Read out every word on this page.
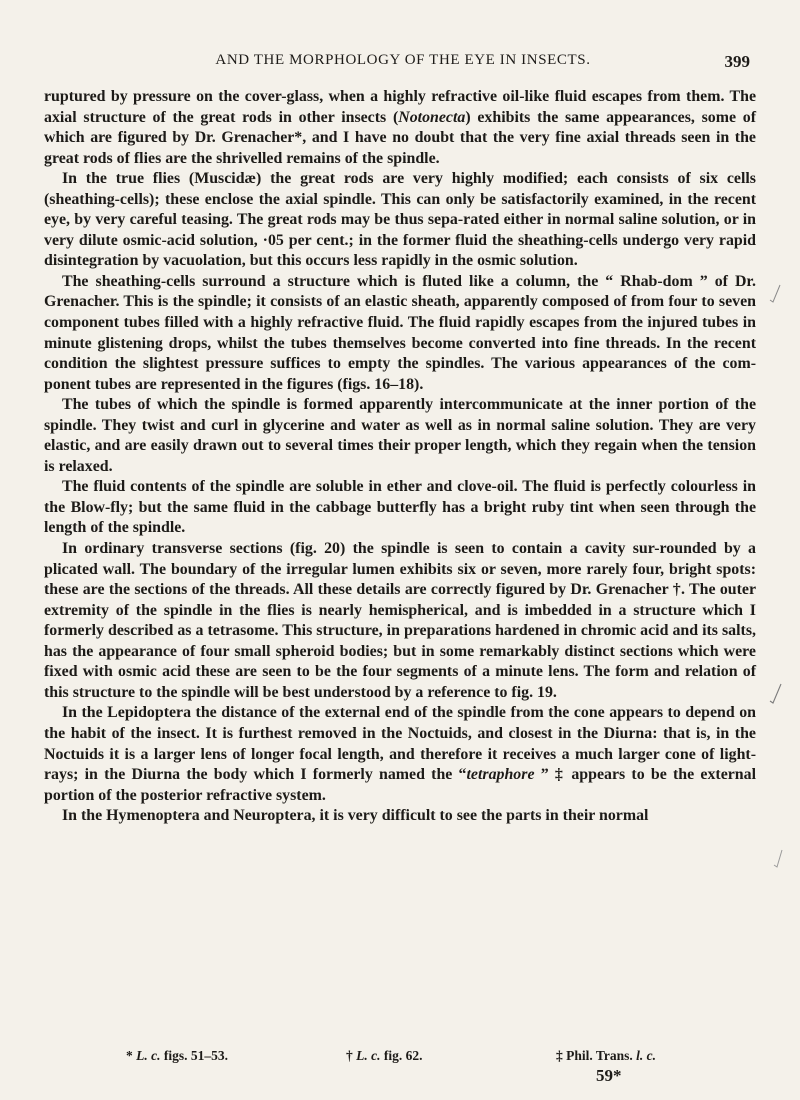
AND THE MORPHOLOGY OF THE EYE IN INSECTS.	399

ruptured by pressure on the cover-glass, when a highly refractive oil-like fluid escapes from them. The axial structure of the great rods in other insects (Notonecta) exhibits the same appearances, some of which are figured by Dr. Grenacher*, and I have no doubt that the very fine axial threads seen in the great rods of flies are the shrivelled remains of the spindle.

In the true flies (Muscidæ) the great rods are very highly modified; each consists of six cells (sheathing-cells); these enclose the axial spindle. This can only be satisfactorily examined, in the recent eye, by very careful teasing. The great rods may be thus sepa-rated either in normal saline solution, or in very dilute osmic-acid solution, ·05 per cent.; in the former fluid the sheathing-cells undergo very rapid disintegration by vacuolation, but this occurs less rapidly in the osmic solution.

The sheathing-cells surround a structure which is fluted like a column, the “ Rhab-dom ” of Dr. Grenacher. This is the spindle; it consists of an elastic sheath, apparently composed of from four to seven component tubes filled with a highly refractive fluid. The fluid rapidly escapes from the injured tubes in minute glistening drops, whilst the tubes themselves become converted into fine threads. In the recent condition the slightest pressure suffices to empty the spindles. The various appearances of the com-ponent tubes are represented in the figures (figs. 16–18).

The tubes of which the spindle is formed apparently intercommunicate at the inner portion of the spindle. They twist and curl in glycerine and water as well as in normal saline solution. They are very elastic, and are easily drawn out to several times their proper length, which they regain when the tension is relaxed.

The fluid contents of the spindle are soluble in ether and clove-oil. The fluid is perfectly colourless in the Blow-fly; but the same fluid in the cabbage butterfly has a bright ruby tint when seen through the length of the spindle.

In ordinary transverse sections (fig. 20) the spindle is seen to contain a cavity sur-rounded by a plicated wall. The boundary of the irregular lumen exhibits six or seven, more rarely four, bright spots: these are the sections of the threads. All these details are correctly figured by Dr. Grenacher †. The outer extremity of the spindle in the flies is nearly hemispherical, and is imbedded in a structure which I formerly described as a tetrasome. This structure, in preparations hardened in chromic acid and its salts, has the appearance of four small spheroid bodies; but in some remarkably distinct sections which were fixed with osmic acid these are seen to be the four segments of a minute lens. The form and relation of this structure to the spindle will be best understood by a reference to fig. 19.

In the Lepidoptera the distance of the external end of the spindle from the cone appears to depend on the habit of the insect. It is furthest removed in the Noctuids, and closest in the Diurna: that is, in the Noctuids it is a larger lens of longer focal length, and therefore it receives a much larger cone of light-rays; in the Diurna the body which I formerly named the “tetraphore ” ‡ appears to be the external portion of the posterior refractive system.

In the Hymenoptera and Neuroptera, it is very difficult to see the parts in their normal

* L. c. figs. 51–53.	† L. c. fig. 62.	‡ Phil. Trans. l. c.
59*
